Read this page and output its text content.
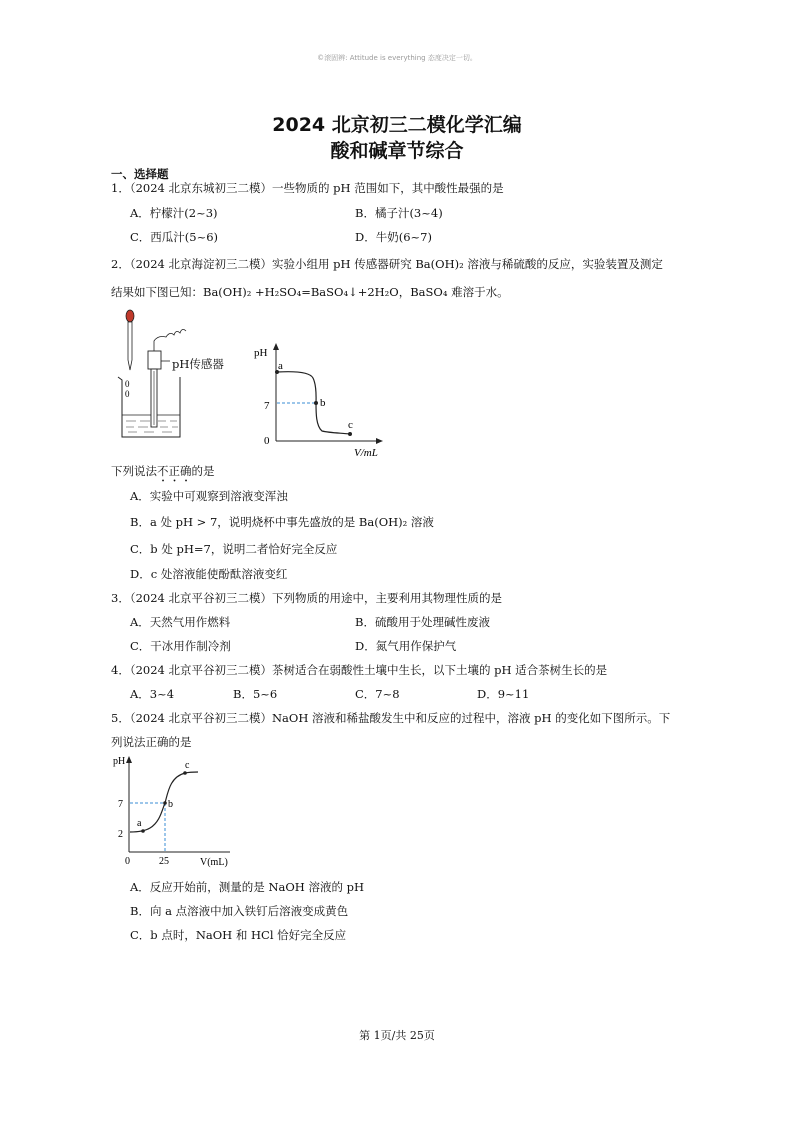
©滚固辨: Attitude is everything 态度决定一切。
2024 北京初三二模化学汇编
酸和碱章节综合
一、选择题
1．（2024 北京东城初三二模）一些物质的 pH 范围如下，其中酸性最强的是
A．柠檬汁(2~3)	B．橘子汁(3~4)
C．西瓜汁(5~6)	D．牛奶(6~7)
2．（2024 北京海淀初三二模）实验小组用 pH 传感器研究 Ba(OH)₂ 溶液与稀硫酸的反应，实验装置及测定
结果如下图已知：Ba(OH)₂ +H₂SO₄=BaSO₄↓+2H₂O，BaSO₄ 难溶于水。
0
0
pH传感器
pH
V/mL
7
0
a
b
c
下列说法不正确的是
A．实验中可观察到溶液变浑浊
B．a 处 pH > 7，说明烧杯中事先盛放的是 Ba(OH)₂ 溶液
C．b 处 pH=7，说明二者恰好完全反应
D．c 处溶液能使酚酞溶液变红
3．（2024 北京平谷初三二模）下列物质的用途中，主要利用其物理性质的是
A．天然气用作燃料	B．硫酸用于处理碱性废液
C．干冰用作制冷剂	D．氮气用作保护气
4．（2024 北京平谷初三二模）茶树适合在弱酸性土壤中生长，以下土壤的 pH 适合茶树生长的是
A．3~4	B．5~6	C．7~8	D．9~11
5．（2024 北京平谷初三二模）NaOH 溶液和稀盐酸发生中和反应的过程中，溶液 pH 的变化如下图所示。下
列说法正确的是
pH
V(mL)
7
2
0	25
a
b
c
A．反应开始前，测量的是 NaOH 溶液的 pH
B．向 a 点溶液中加入铁钉后溶液变成黄色
C．b 点时，NaOH 和 HCl 恰好完全反应
第 1页/共 25页
